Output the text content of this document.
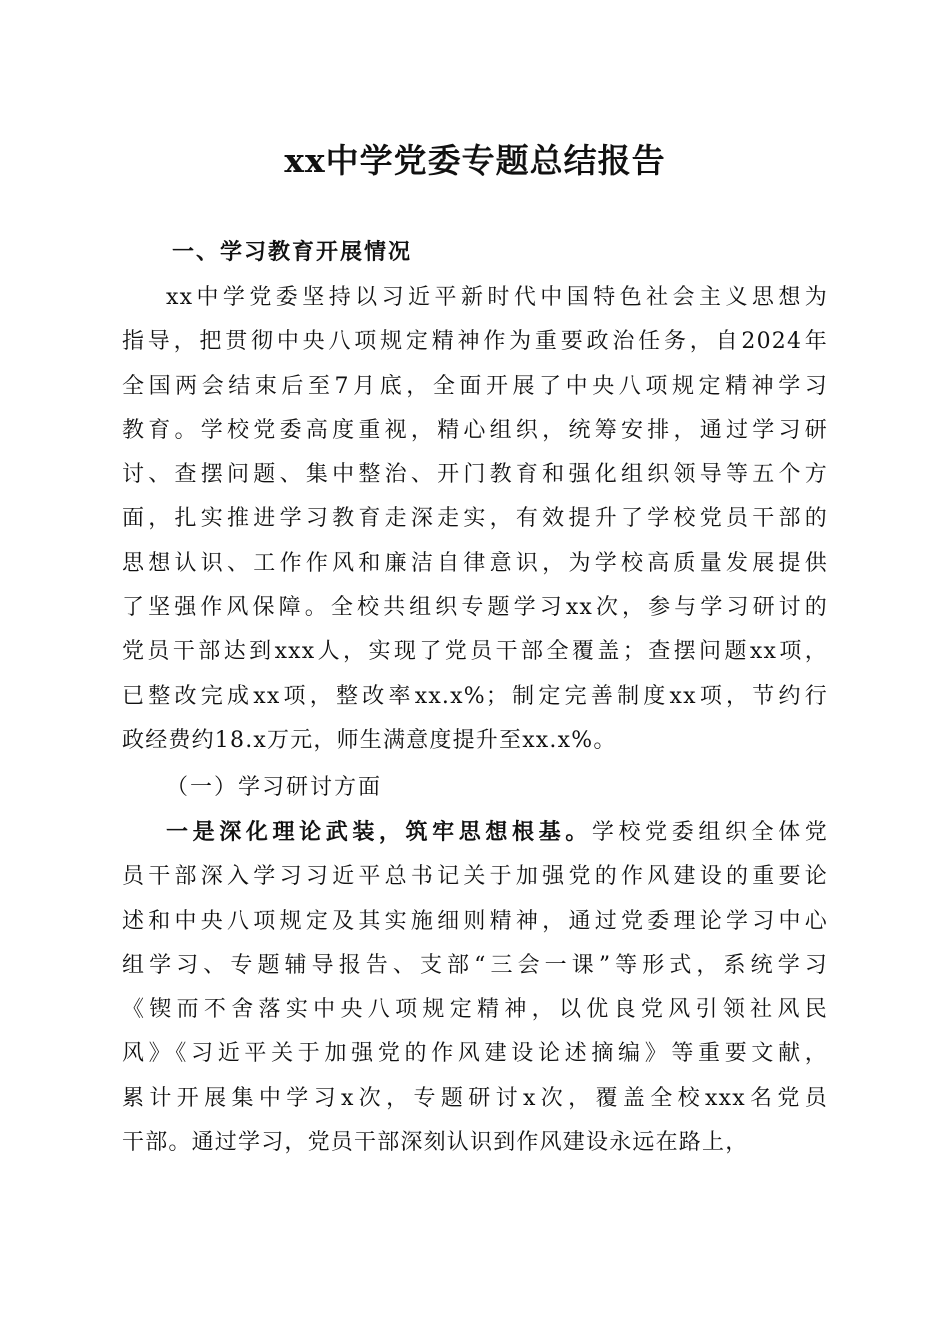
xx中学党委专题总结报告
一、学习教育开展情况
xx中学党委坚持以习近平新时代中国特色社会主义思想为
指导，把贯彻中央八项规定精神作为重要政治任务，自2024年
全国两会结束后至7月底，全面开展了中央八项规定精神学习
教育。学校党委高度重视，精心组织，统筹安排，通过学习研
讨、查摆问题、集中整治、开门教育和强化组织领导等五个方
面，扎实推进学习教育走深走实，有效提升了学校党员干部的
思想认识、工作作风和廉洁自律意识，为学校高质量发展提供
了坚强作风保障。全校共组织专题学习xx次，参与学习研讨的
党员干部达到xxx人，实现了党员干部全覆盖；查摆问题xx项，
已整改完成xx项，整改率xx.x%；制定完善制度xx项，节约行
政经费约18.x万元，师生满意度提升至xx.x%。
（一）学习研讨方面
一是深化理论武装，筑牢思想根基。学校党委组织全体党
员干部深入学习习近平总书记关于加强党的作风建设的重要论
述和中央八项规定及其实施细则精神，通过党委理论学习中心
组学习、专题辅导报告、支部“三会一课”等形式，系统学习
《锲而不舍落实中央八项规定精神，以优良党风引领社风民
风》《习近平关于加强党的作风建设论述摘编》等重要文献，
累计开展集中学习x次，专题研讨x次，覆盖全校xxx名党员
干部。通过学习，党员干部深刻认识到作风建设永远在路上，
